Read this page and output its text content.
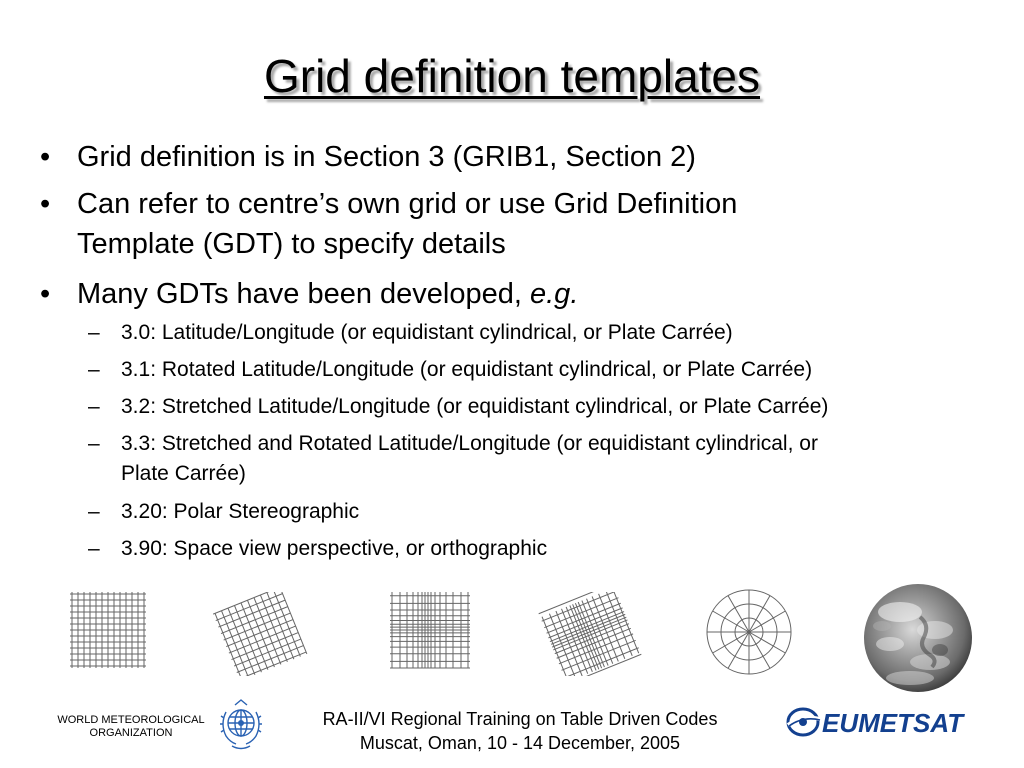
Grid definition templates
• Grid definition is in Section 3 (GRIB1, Section 2)
• Can refer to centre’s own grid or use Grid Definition
Template (GDT) to specify details
• Many GDTs have been developed, e.g.
– 3.0: Latitude/Longitude (or equidistant cylindrical, or Plate Carrée)
– 3.1: Rotated Latitude/Longitude (or equidistant cylindrical, or Plate Carrée)
– 3.2: Stretched Latitude/Longitude (or equidistant cylindrical, or Plate Carrée)
– 3.3: Stretched and Rotated Latitude/Longitude (or equidistant cylindrical, or
Plate Carrée)
– 3.20: Polar Stereographic
– 3.90: Space view perspective, or orthographic
WORLD METEOROLOGICAL
ORGANIZATION
RA-II/VI Regional Training on Table Driven Codes
Muscat, Oman, 10 - 14 December, 2005
EUMETSAT
